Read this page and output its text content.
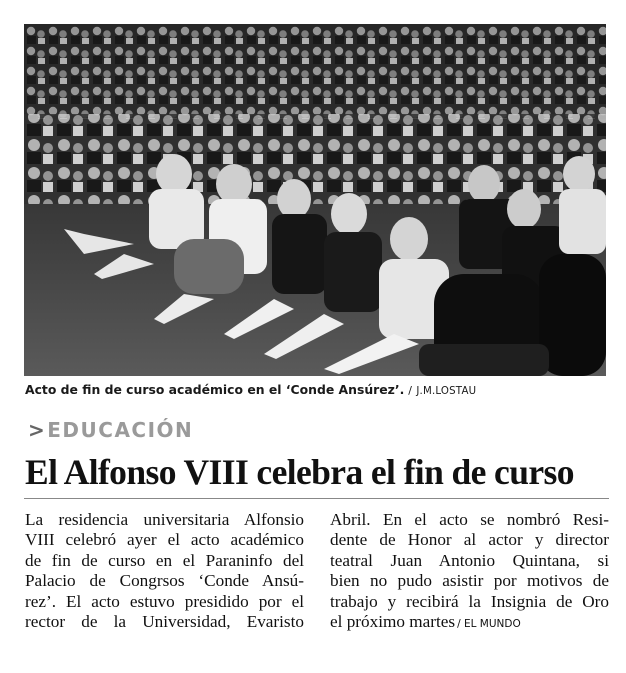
Acto de fin de curso académico en el ‘Conde Ansúrez’. / J.M.LOSTAU
>EDUCACIÓN
El Alfonso VIII celebra el fin de curso
La residencia universitaria Alfonsio
VIII celebró ayer el acto académico
de fin de curso en el Paraninfo del
Palacio de Congrsos ‘Conde Ansú-
rez’. El acto estuvo presidido por el
rector de la Universidad, Evaristo
Abril. En el acto se nombró Resi-
dente de Honor al actor y director
teatral Juan Antonio Quintana, si
bien no pudo asistir por motivos de
trabajo y recibirá la Insignia de Oro
el próximo martes / EL MUNDO
